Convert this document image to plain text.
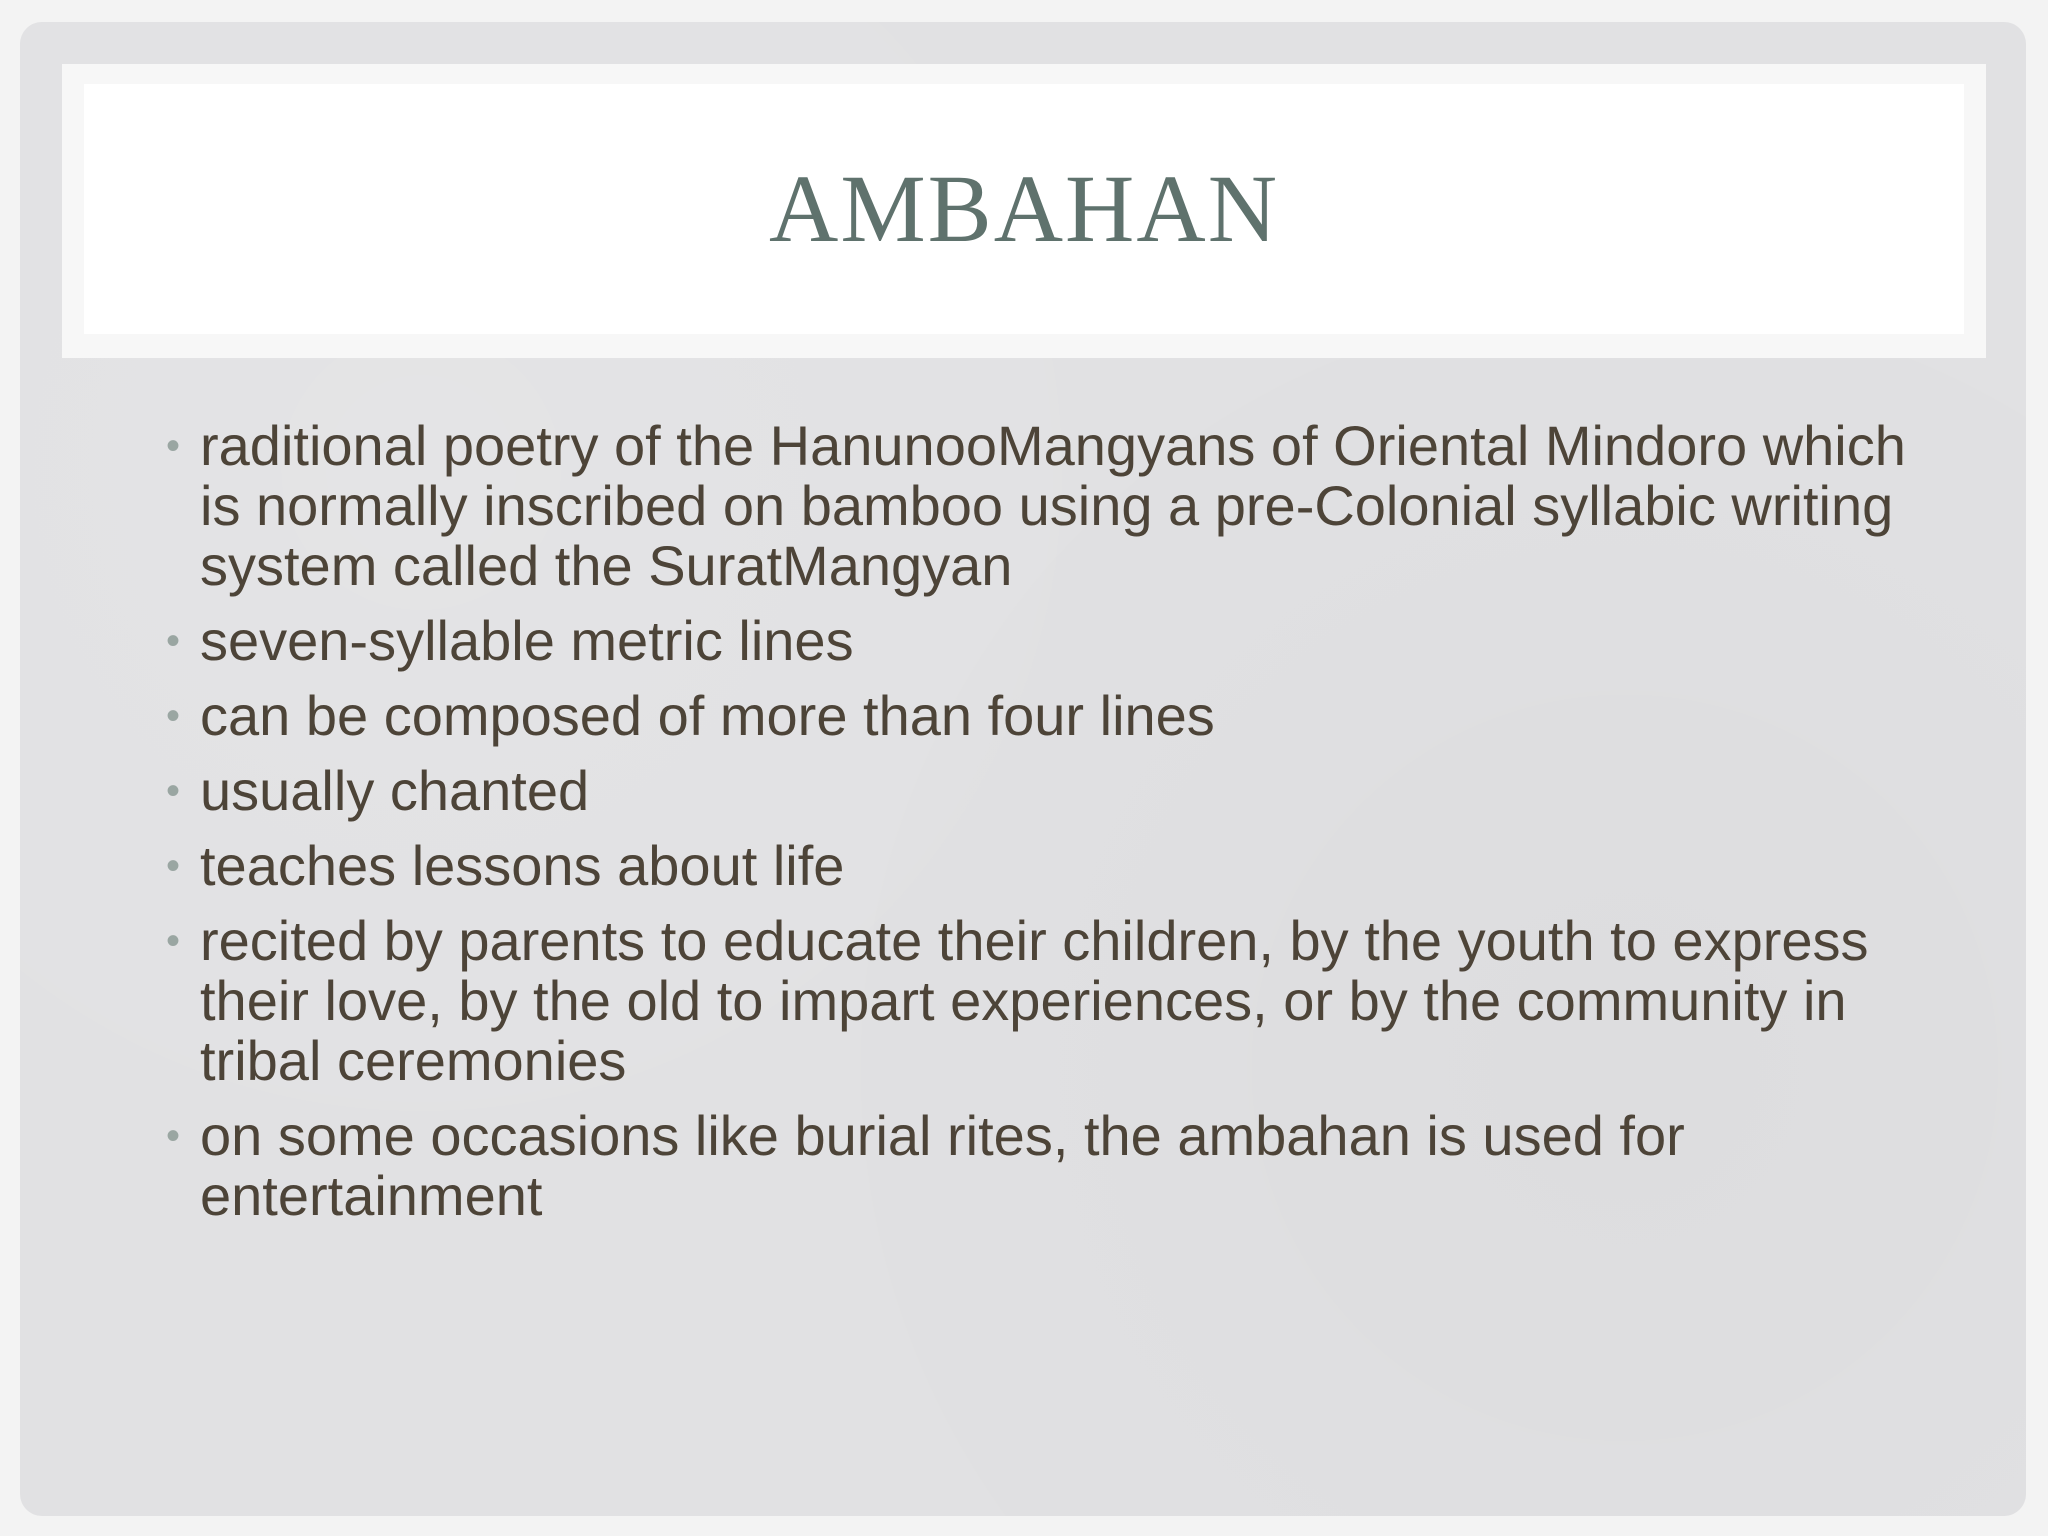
AMBAHAN
• raditional poetry of the HanunooMangyans of Oriental Mindoro which is normally inscribed on bamboo using a pre-Colonial syllabic writing system called the SuratMangyan
• seven-syllable metric lines
• can be composed of more than four lines
• usually chanted
• teaches lessons about life
• recited by parents to educate their children, by the youth to express their love, by the old to impart experiences, or by the community in tribal ceremonies
• on some occasions like burial rites, the ambahan is used for entertainment
